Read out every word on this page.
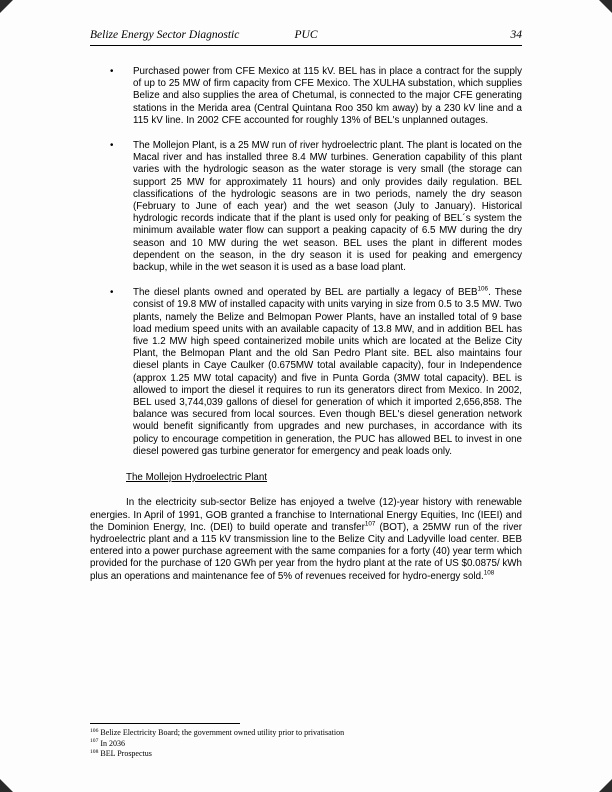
Belize Energy Sector Diagnostic	PUC	34
• Purchased power from CFE Mexico at 115 kV. BEL has in place a contract for the supply of up to 25 MW of firm capacity from CFE Mexico. The XULHA substation, which supplies Belize and also supplies the area of Chetumal, is connected to the major CFE generating stations in the Merida area (Central Quintana Roo 350 km away) by a 230 kV line and a 115 kV line. In 2002 CFE accounted for roughly 13% of BEL's unplanned outages.
• The Mollejon Plant, is a 25 MW run of river hydroelectric plant. The plant is located on the Macal river and has installed three 8.4 MW turbines. Generation capability of this plant varies with the hydrologic season as the water storage is very small (the storage can support 25 MW for approximately 11 hours) and only provides daily regulation. BEL classifications of the hydrologic seasons are in two periods, namely the dry season (February to June of each year) and the wet season (July to January). Historical hydrologic records indicate that if the plant is used only for peaking of BEL´s system the minimum available water flow can support a peaking capacity of 6.5 MW during the dry season and 10 MW during the wet season. BEL uses the plant in different modes dependent on the season, in the dry season it is used for peaking and emergency backup, while in the wet season it is used as a base load plant.
• The diesel plants owned and operated by BEL are partially a legacy of BEB$^{106}$. These consist of 19.8 MW of installed capacity with units varying in size from 0.5 to 3.5 MW. Two plants, namely the Belize and Belmopan Power Plants, have an installed total of 9 base load medium speed units with an available capacity of 13.8 MW, and in addition BEL has five 1.2 MW high speed containerized mobile units which are located at the Belize City Plant, the Belmopan Plant and the old San Pedro Plant site. BEL also maintains four diesel plants in Caye Caulker (0.675MW total available capacity), four in Independence (approx 1.25 MW total capacity) and five in Punta Gorda (3MW total capacity). BEL is allowed to import the diesel it requires to run its generators direct from Mexico. In 2002, BEL used 3,744,039 gallons of diesel for generation of which it imported 2,656,858. The balance was secured from local sources. Even though BEL's diesel generation network would benefit significantly from upgrades and new purchases, in accordance with its policy to encourage competition in generation, the PUC has allowed BEL to invest in one diesel powered gas turbine generator for emergency and peak loads only.
The Mollejon Hydroelectric Plant

In the electricity sub-sector Belize has enjoyed a twelve (12)-year history with renewable energies. In April of 1991, GOB granted a franchise to International Energy Equities, Inc (IEEI) and the Dominion Energy, Inc. (DEI) to build operate and transfer$^{107}$ (BOT), a 25MW run of the river hydroelectric plant and a 115 kV transmission line to the Belize City and Ladyville load center. BEB entered into a power purchase agreement with the same companies for a forty (40) year term which provided for the purchase of 120 GWh per year from the hydro plant at the rate of US $0.0875/ kWh plus an operations and maintenance fee of 5% of revenues received for hydro-energy sold.$^{108}$

$^{106}$ Belize Electricity Board; the government owned utility prior to privatisation
$^{107}$ In 2036
$^{108}$ BEL Prospectus
